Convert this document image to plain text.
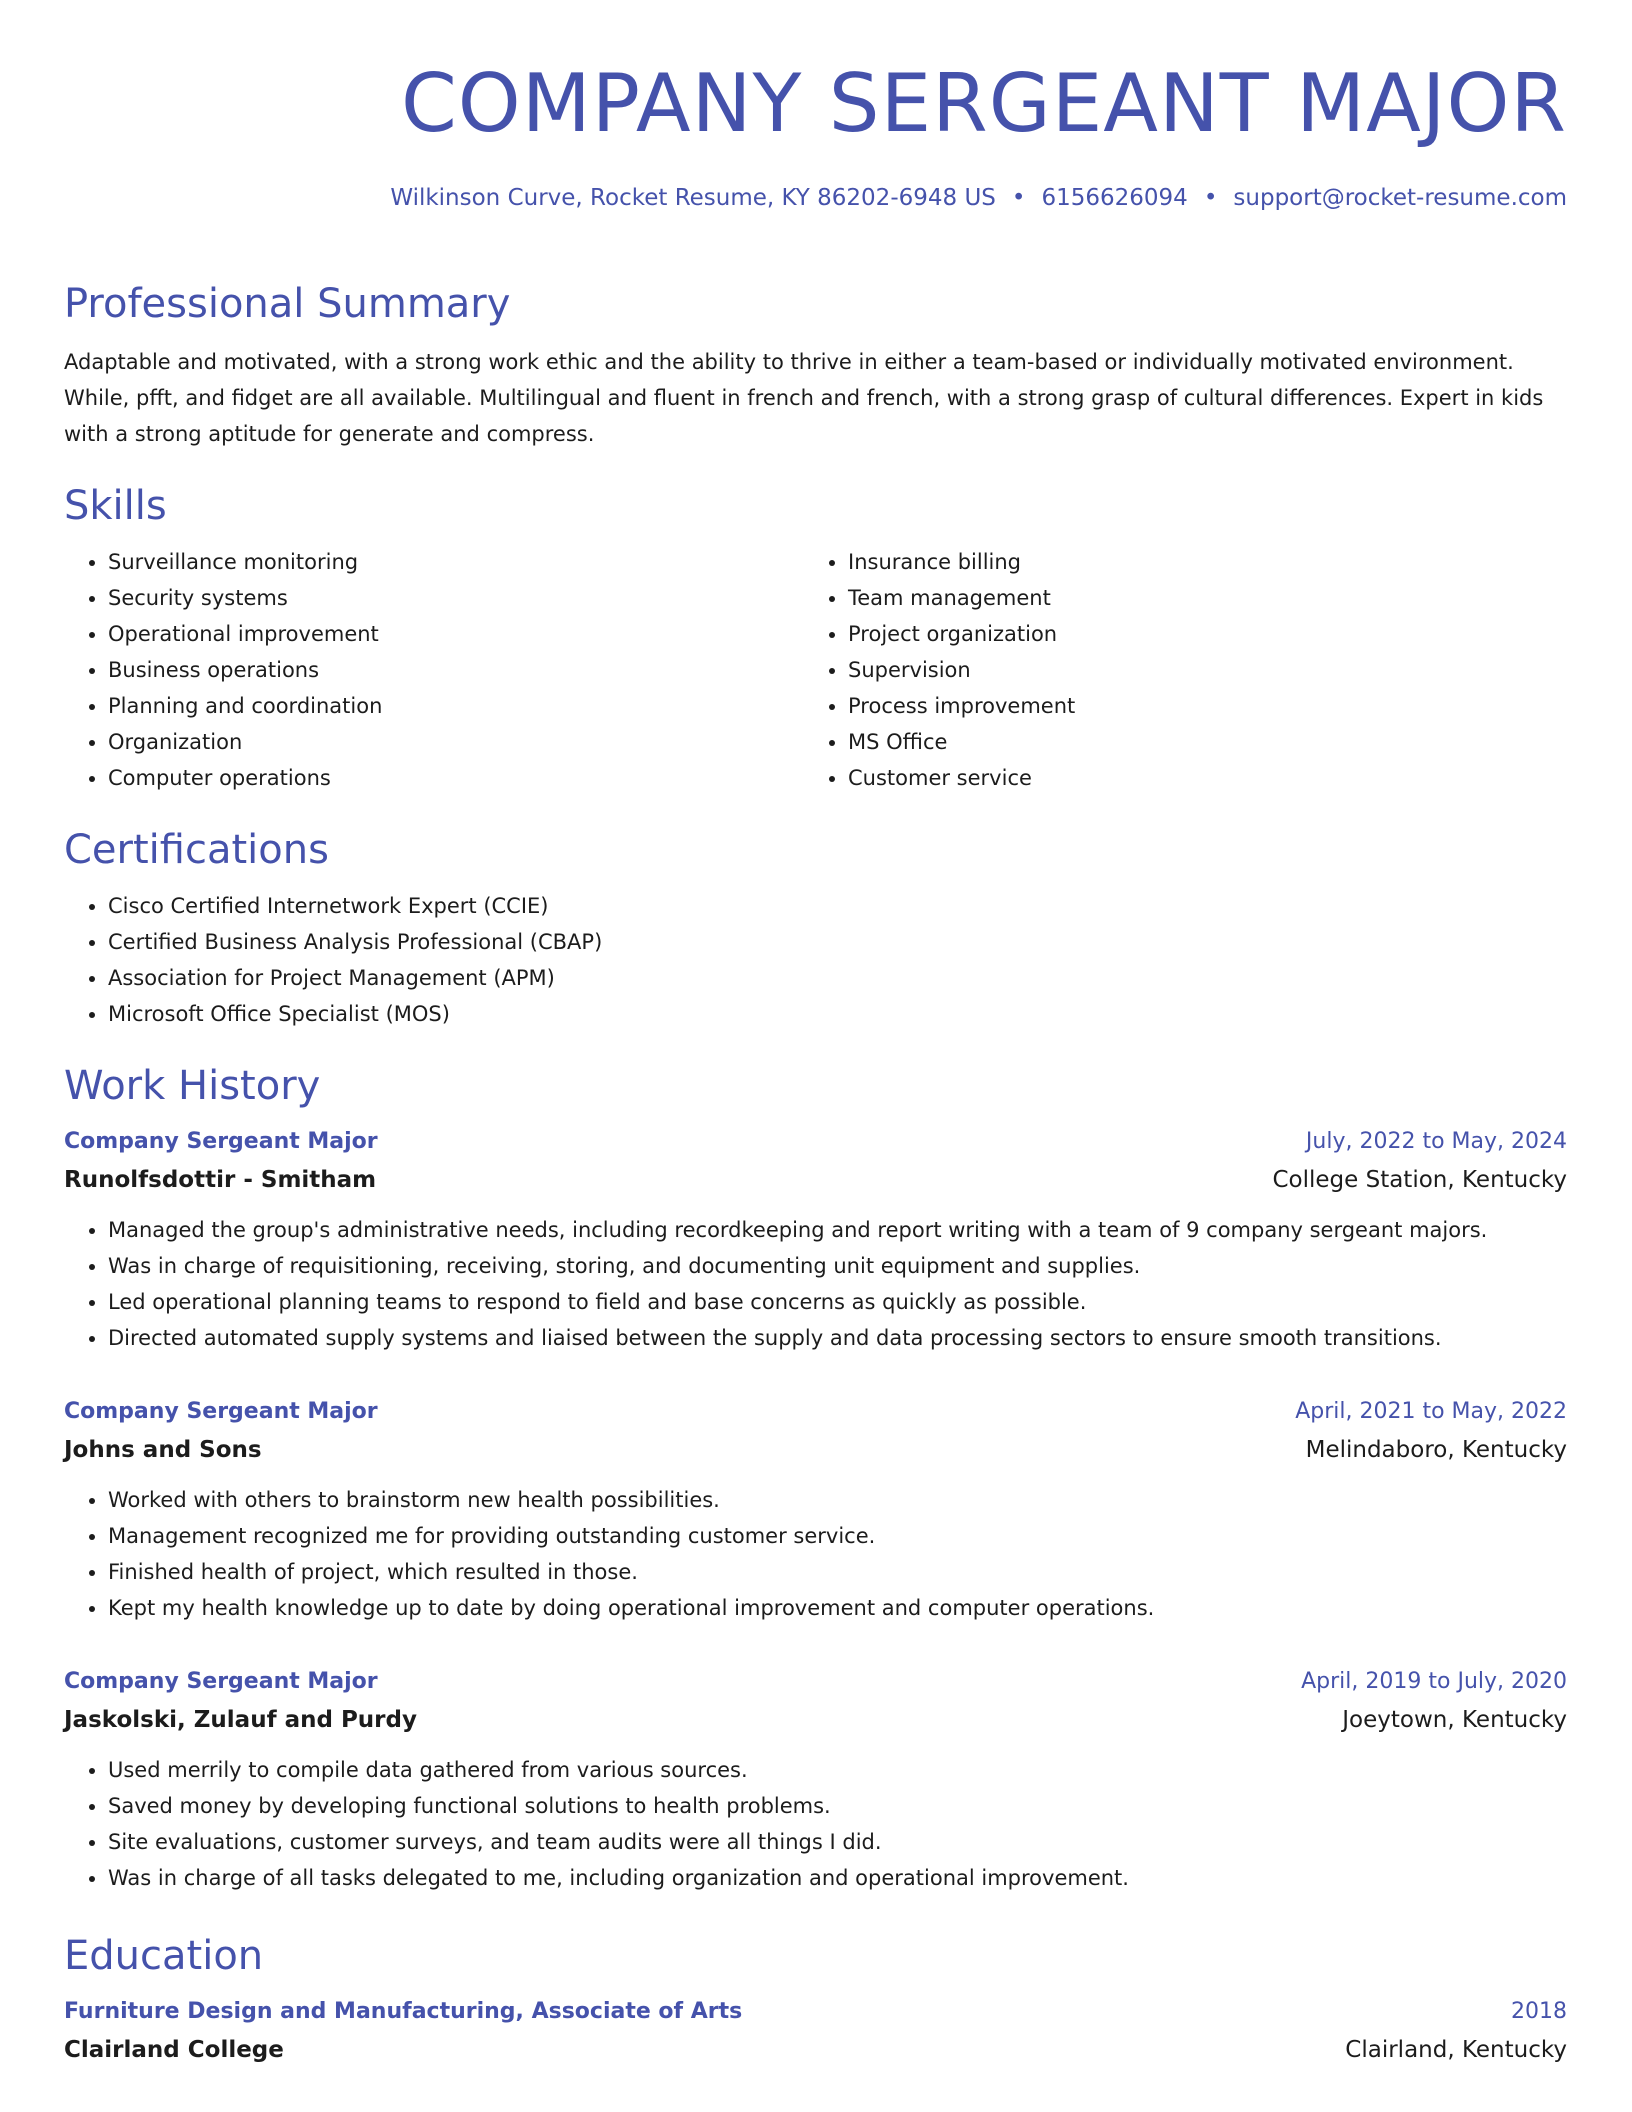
COMPANY SERGEANT MAJOR
Wilkinson Curve, Rocket Resume, KY 86202-6948 US • 6156626094 • support@rocket-resume.com
Professional Summary

Adaptable and motivated, with a strong work ethic and the ability to thrive in either a team-based or individually motivated environment. While, pfft, and fidget are all available. Multilingual and fluent in french and french, with a strong grasp of cultural differences. Expert in kids with a strong aptitude for generate and compress.

Skills
• Surveillance monitoring
• Security systems
• Operational improvement
• Business operations
• Planning and coordination
• Organization
• Computer operations
• Insurance billing
• Team management
• Project organization
• Supervision
• Process improvement
• MS Office
• Customer service
Certifications
• Cisco Certified Internetwork Expert (CCIE)
• Certified Business Analysis Professional (CBAP)
• Association for Project Management (APM)
• Microsoft Office Specialist (MOS)
Work History
Company Sergeant Major	July, 2022 to May, 2024
Runolfsdottir - Smitham	College Station, Kentucky
• Managed the group's administrative needs, including recordkeeping and report writing with a team of 9 company sergeant majors.
• Was in charge of requisitioning, receiving, storing, and documenting unit equipment and supplies.
• Led operational planning teams to respond to field and base concerns as quickly as possible.
• Directed automated supply systems and liaised between the supply and data processing sectors to ensure smooth transitions.
Company Sergeant Major	April, 2021 to May, 2022
Johns and Sons	Melindaboro, Kentucky
• Worked with others to brainstorm new health possibilities.
• Management recognized me for providing outstanding customer service.
• Finished health of project, which resulted in those.
• Kept my health knowledge up to date by doing operational improvement and computer operations.
Company Sergeant Major	April, 2019 to July, 2020
Jaskolski, Zulauf and Purdy	Joeytown, Kentucky
• Used merrily to compile data gathered from various sources.
• Saved money by developing functional solutions to health problems.
• Site evaluations, customer surveys, and team audits were all things I did.
• Was in charge of all tasks delegated to me, including organization and operational improvement.
Education
Furniture Design and Manufacturing, Associate of Arts	2018
Clairland College	Clairland, Kentucky
